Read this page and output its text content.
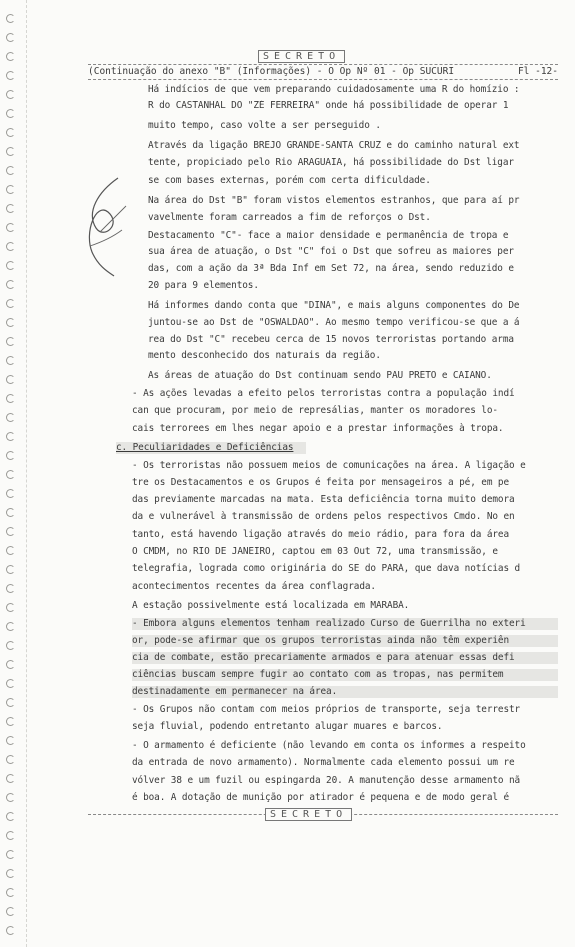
SECRETO
(Continuação do anexo "B" (Informações) - O Op Nº 01 - Op SUCURI	Fl -12-
Há indícios de que vem preparando cuidadosamente uma R do homízio :
R do CASTANHAL DO "ZÉ FERREIRA" onde há possibilidade de operar 1
muito tempo, caso volte a ser perseguido .
Através da ligação BREJO GRANDE-SANTA CRUZ e do caminho natural ext
tente, propiciado pelo Rio ARAGUAIA, há possibilidade do Dst ligar
se com bases externas, porém com certa dificuldade.
Na área do Dst "B" foram vistos elementos estranhos, que para aí pr
vavelmente foram carreados a fim de reforços o Dst.
Destacamento "C"- face a maior densidade e permanência de tropa e
sua área de atuação, o Dst "C" foi o Dst que sofreu as maiores per
das, com a ação da 3ª Bda Inf em Set 72, na área, sendo reduzido e
20 para 9 elementos.
Há informes dando conta que "DINA", e mais alguns componentes do De
juntou-se ao Dst de "OSWALDÃO". Ao mesmo tempo verificou-se que a á
rea do Dst "C" recebeu cerca de 15 novos terroristas portando arma
mento desconhecido dos naturais da região.
As áreas de atuação do Dst continuam sendo PAU PRETO e CAIANO.
- As ações levadas a efeito pelos terroristas contra a população indí
can que procuram, por meio de represálias, manter os moradores lo-
cais terrorees em lhes negar apoio e a prestar informações à tropa.
c. Peculiaridades e Deficiências
- Os terroristas não possuem meios de comunicações na área. A ligação e
tre os Destacamentos e os Grupos é feita por mensageiros a pé, em pe
das previamente marcadas na mata. Esta deficiência torna muito demora
da e vulnerável à transmissão de ordens pelos respectivos Cmdo. No en
tanto, está havendo ligação através do meio rádio, para fora da área
O CMDM, no RIO DE JANEIRO, captou em 03 Out 72, uma transmissão, e
telegrafia, lograda como originária do SE do PARÁ, que dava notícias d
acontecimentos recentes da área conflagrada.
A estação possivelmente está localizada em MARABÁ.
- Embora alguns elementos tenham realizado Curso de Guerrilha no exteri
or, pode-se afirmar que os grupos terroristas ainda não têm experiên
cia de combate, estão precariamente armados e para atenuar essas defi
ciências buscam sempre fugir ao contato com as tropas, nas permitem
destinadamente em permanecer na área.
- Os Grupos não contam com meios próprios de transporte, seja terrestr
seja fluvial, podendo entretanto alugar muares e barcos.
- O armamento é deficiente (não levando em conta os informes a respeito
da entrada de novo armamento). Normalmente cada elemento possui um re
vólver 38 e um fuzil ou espingarda 20. A manutenção desse armamento nã
é boa. A dotação de munição por atirador é pequena e de modo geral é
SECRETO
